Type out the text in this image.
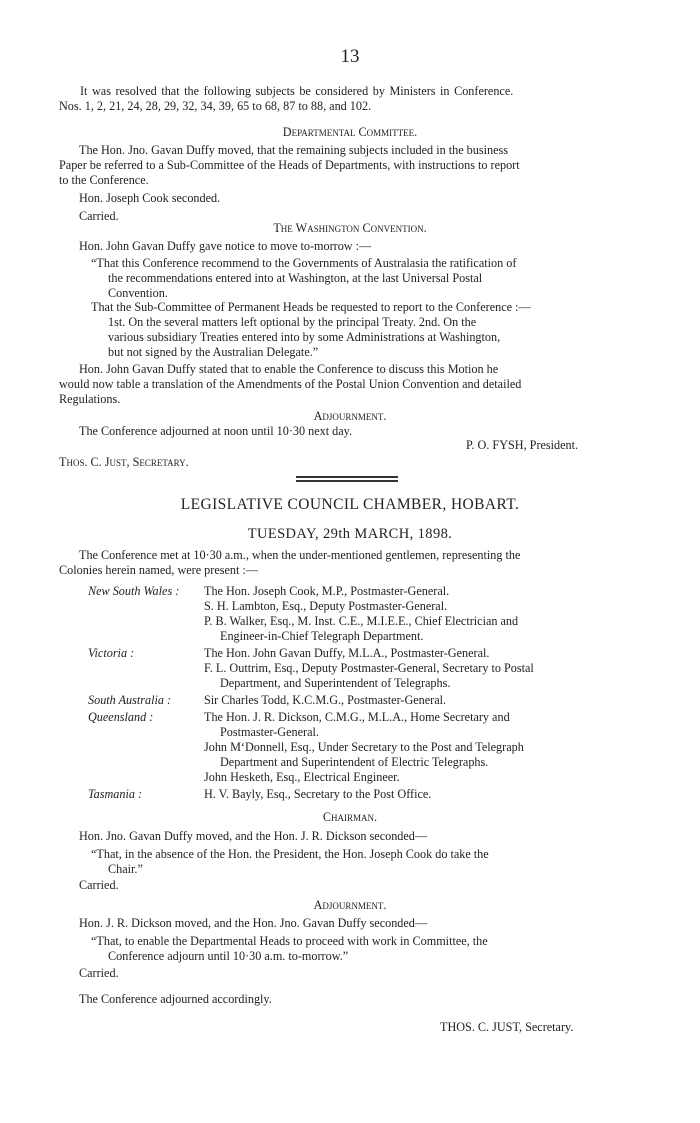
13
It was resolved that the following subjects be considered by Ministers in Conference.
Nos. 1, 2, 21, 24, 28, 29, 32, 34, 39, 65 to 68, 87 to 88, and 102.
Departmental Committee.
The Hon. Jno. Gavan Duffy moved, that the remaining subjects included in the business
Paper be referred to a Sub-Committee of the Heads of Departments, with instructions to report
to the Conference.
Hon. Joseph Cook seconded.
Carried.
The Washington Convention.
Hon. John Gavan Duffy gave notice to move to-morrow :—
“That this Conference recommend to the Governments of Australasia the ratification of
the recommendations entered into at Washington, at the last Universal Postal
Convention.
That the Sub-Committee of Permanent Heads be requested to report to the Conference :—
1st. On the several matters left optional by the principal Treaty. 2nd. On the
various subsidiary Treaties entered into by some Administrations at Washington,
but not signed by the Australian Delegate.”
Hon. John Gavan Duffy stated that to enable the Conference to discuss this Motion he
would now table a translation of the Amendments of the Postal Union Convention and detailed
Regulations.
Adjournment.
The Conference adjourned at noon until 10·30 next day.
P. O. FYSH, President.
Thos. C. Just, Secretary.
LEGISLATIVE COUNCIL CHAMBER, HOBART.
TUESDAY, 29th MARCH, 1898.
The Conference met at 10·30 a.m., when the under-mentioned gentlemen, representing the
Colonies herein named, were present :—
New South Wales : The Hon. Joseph Cook, M.P., Postmaster-General.
S. H. Lambton, Esq., Deputy Postmaster-General.
P. B. Walker, Esq., M. Inst. C.E., M.I.E.E., Chief Electrician and
Engineer-in-Chief Telegraph Department.
Victoria :	The Hon. John Gavan Duffy, M.L.A., Postmaster-General.
F. L. Outtrim, Esq., Deputy Postmaster-General, Secretary to Postal
Department, and Superintendent of Telegraphs.
South Australia :	Sir Charles Todd, K.C.M.G., Postmaster-General.
Queensland :	The Hon. J. R. Dickson, C.M.G., M.L.A., Home Secretary and
Postmaster-General.
John M‘Donnell, Esq., Under Secretary to the Post and Telegraph
Department and Superintendent of Electric Telegraphs.
John Hesketh, Esq., Electrical Engineer.
Tasmania :	H. V. Bayly, Esq., Secretary to the Post Office.
Chairman.
Hon. Jno. Gavan Duffy moved, and the Hon. J. R. Dickson seconded—
“That, in the absence of the Hon. the President, the Hon. Joseph Cook do take the
Chair.”
Carried.
Adjournment.
Hon. J. R. Dickson moved, and the Hon. Jno. Gavan Duffy seconded—
“That, to enable the Departmental Heads to proceed with work in Committee, the
Conference adjourn until 10·30 a.m. to-morrow.”
Carried.
The Conference adjourned accordingly.
THOS. C. JUST, Secretary.
